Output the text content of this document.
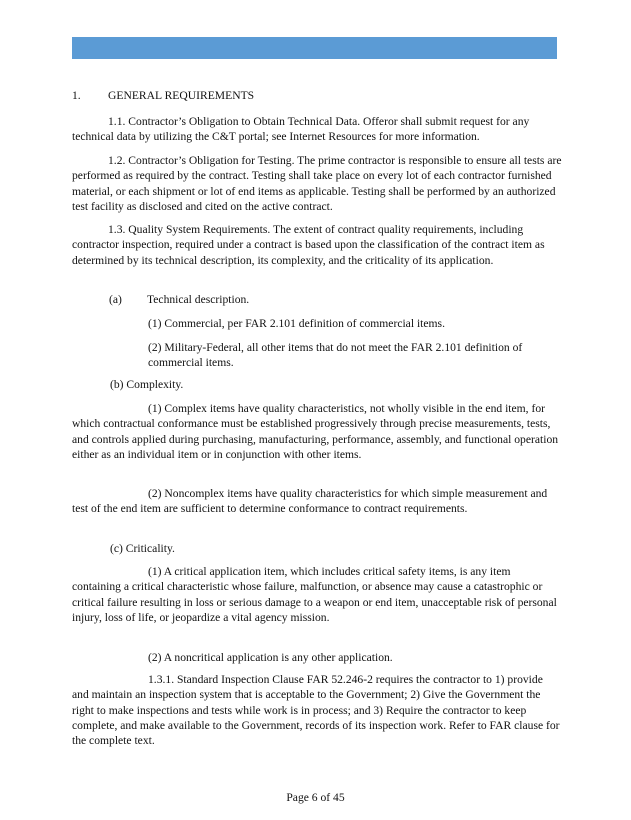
1. GENERAL REQUIREMENTS

1.1. Contractor’s Obligation to Obtain Technical Data. Offeror shall submit request for any technical data by utilizing the C&T portal; see Internet Resources for more information.

1.2. Contractor’s Obligation for Testing. The prime contractor is responsible to ensure all tests are performed as required by the contract. Testing shall take place on every lot of each contractor furnished material, or each shipment or lot of end items as applicable. Testing shall be performed by an authorized test facility as disclosed and cited on the active contract.

1.3. Quality System Requirements. The extent of contract quality requirements, including contractor inspection, required under a contract is based upon the classification of the contract item as determined by its technical description, its complexity, and the criticality of its application.

(a) Technical description.

(1) Commercial, per FAR 2.101 definition of commercial items.

(2) Military-Federal, all other items that do not meet the FAR 2.101 definition of commercial items.

(b) Complexity.

(1) Complex items have quality characteristics, not wholly visible in the end item, for which contractual conformance must be established progressively through precise measurements, tests, and controls applied during purchasing, manufacturing, performance, assembly, and functional operation either as an individual item or in conjunction with other items.

(2) Noncomplex items have quality characteristics for which simple measurement and test of the end item are sufficient to determine conformance to contract requirements.

(c) Criticality.

(1) A critical application item, which includes critical safety items, is any item containing a critical characteristic whose failure, malfunction, or absence may cause a catastrophic or critical failure resulting in loss or serious damage to a weapon or end item, unacceptable risk of personal injury, loss of life, or jeopardize a vital agency mission.

(2) A noncritical application is any other application.

1.3.1. Standard Inspection Clause FAR 52.246-2 requires the contractor to 1) provide and maintain an inspection system that is acceptable to the Government; 2) Give the Government the right to make inspections and tests while work is in process; and 3) Require the contractor to keep complete, and make available to the Government, records of its inspection work. Refer to FAR clause for the complete text.

Page 6 of 45
